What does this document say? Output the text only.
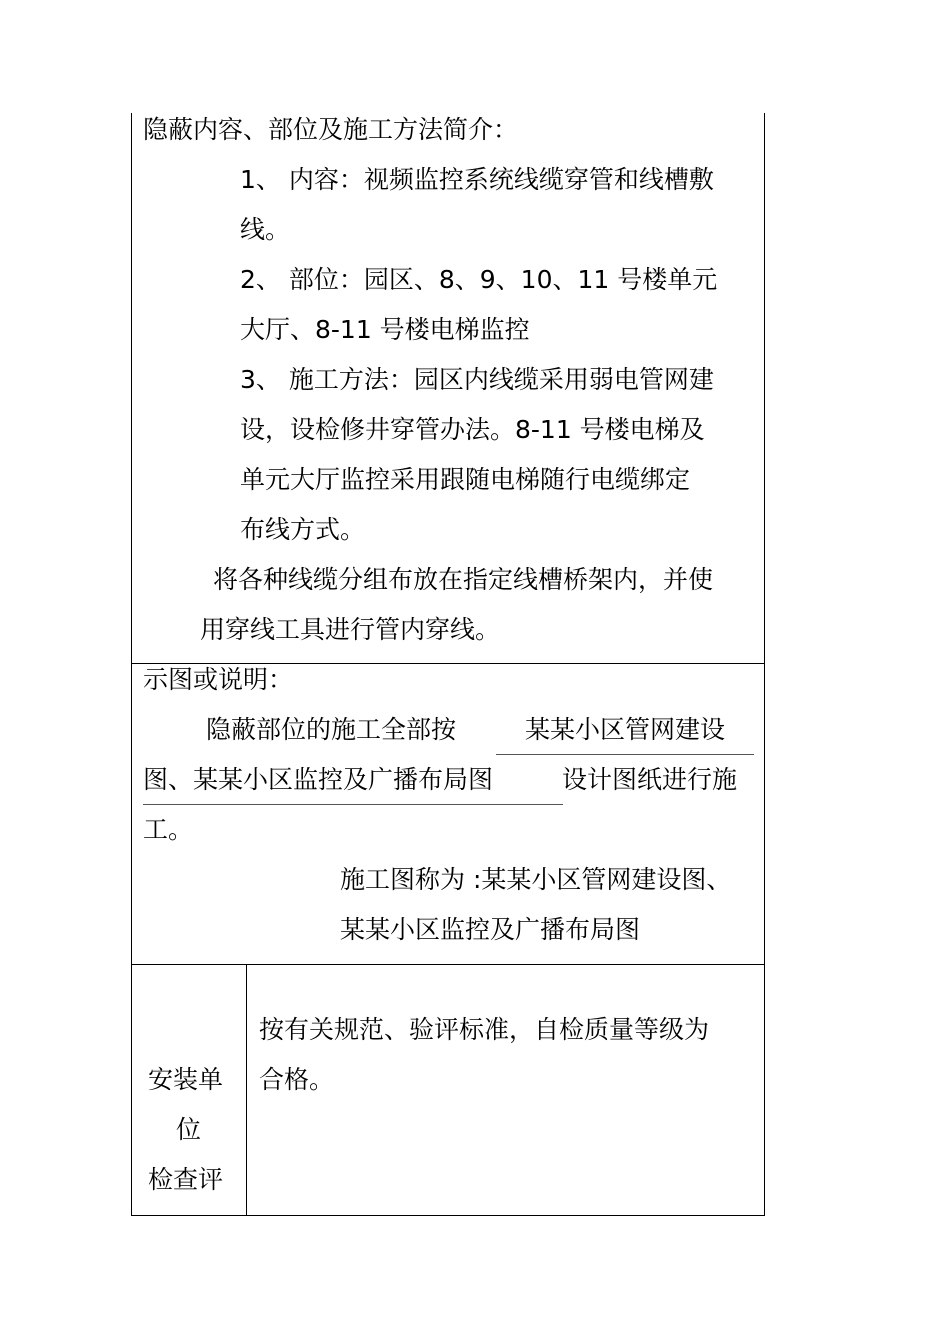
隐蔽内容、部位及施工方法简介：
1、 内容：视频监控系统线缆穿管和线槽敷
线。
2、 部位：园区、8、9、10、11 号楼单元
大厅、8-11 号楼电梯监控
3、 施工方法：园区内线缆采用弱电管网建
设，设检修井穿管办法。8-11 号楼电梯及
单元大厅监控采用跟随电梯随行电缆绑定
布线方式。
将各种线缆分组布放在指定线槽桥架内，并使
用穿线工具进行管内穿线。
示图或说明：
隐蔽部位的施工全部按	某某小区管网建设
图、某某小区监控及广播布局图	设计图纸进行施
工。
施工图称为 :某某小区管网建设图、
某某小区监控及广播布局图
安装单
位
检查评
按有关规范、验评标准，自检质量等级为
合格。
